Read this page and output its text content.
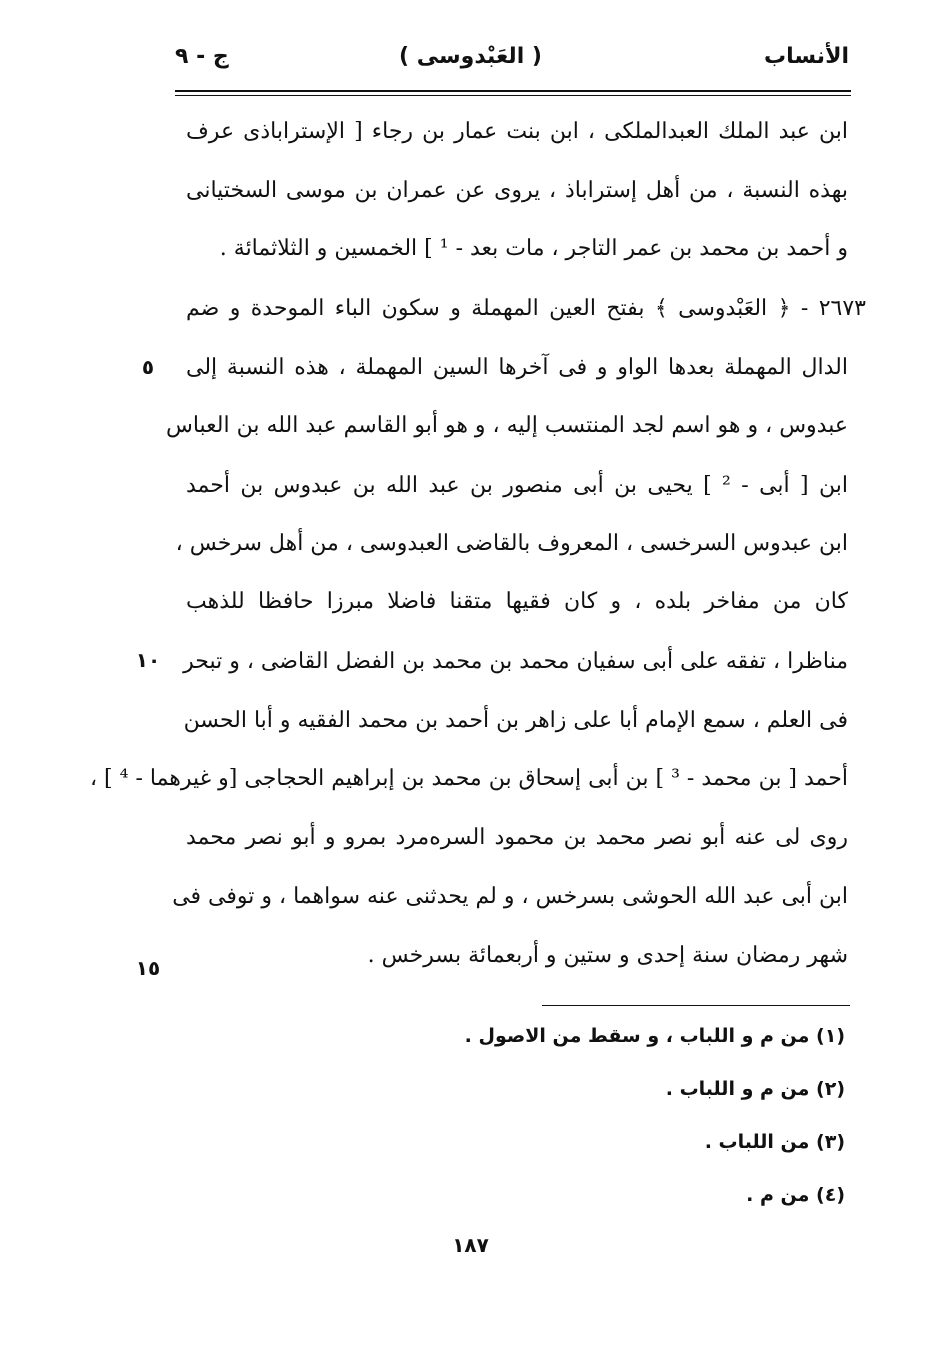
الأنساب
( العَبْدوسى )
ج - ٩
ابن عبد الملك العبدالملكى ، ابن بنت عمار بن رجاء [ الإستراباذى عرف
بهذه النسبة ، من أهل إستراباذ ، يروى عن عمران بن موسى السختيانى
و أحمد بن محمد بن عمر التاجر ، مات بعد - ¹ ] الخمسين و الثلاثمائة .
٢٦٧٣ - ﴿ العَبْدوسى ﴾ بفتح العين المهملة و سكون الباء الموحدة و ضم
الدال المهملة بعدها الواو و فى آخرها السين المهملة ، هذه النسبة إلى
عبدوس ، و هو اسم لجد المنتسب إليه ، و هو أبو القاسم عبد الله بن العباس
ابن [ أبى - ² ] يحيى بن أبى منصور بن عبد الله بن عبدوس بن أحمد
ابن عبدوس السرخسى ، المعروف بالقاضى العبدوسى ، من أهل سرخس ،
كان من مفاخر بلده ، و كان فقيها متقنا فاضلا مبرزا حافظا للذهب
مناظرا ، تفقه على أبى سفيان محمد بن محمد بن الفضل القاضى ، و تبحر
فى العلم ، سمع الإمام أبا على زاهر بن أحمد بن محمد الفقيه و أبا الحسن
أحمد [ بن محمد - ³ ] بن أبى إسحاق بن محمد بن إبراهيم الحجاجى [و غيرهما - ⁴ ] ،
روى لى عنه أبو نصر محمد بن محمود السره‌مرد بمرو و أبو نصر محمد
ابن أبى عبد الله الحوشى بسرخس ، و لم يحدثنى عنه سواهما ، و توفى فى
شهر رمضان سنة إحدى و ستين و أربعمائة بسرخس .
٥
١٠
١٥
(١) من م و اللباب ، و سقط من الاصول .
(٢) من م و اللباب .
(٣) من اللباب .
(٤) من م .
١٨٧
